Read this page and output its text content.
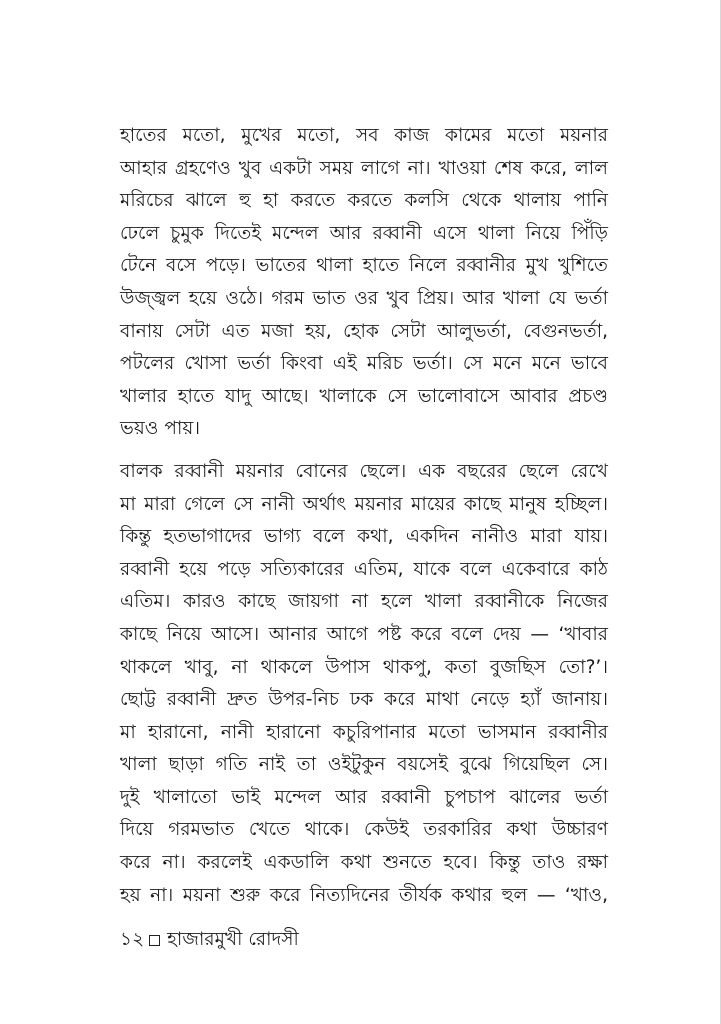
হাতের মতো, মুখের মতো, সব কাজ কামের মতো ময়নার
আহার গ্রহণেও খুব একটা সময় লাগে না। খাওয়া শেষ করে, লাল
মরিচের ঝালে হু হা করতে করতে কলসি থেকে থালায় পানি
ঢেলে চুমুক দিতেই মন্দেল আর রব্বানী এসে থালা নিয়ে পিঁড়ি
টেনে বসে পড়ে। ভাতের থালা হাতে নিলে রব্বানীর মুখ খুশিতে
উজ্জ্বল হয়ে ওঠে। গরম ভাত ওর খুব প্রিয়। আর খালা যে ভর্তা
বানায় সেটা এত মজা হয়, হোক সেটা আলুভর্তা, বেগুনভর্তা,
পটলের খোসা ভর্তা কিংবা এই মরিচ ভর্তা। সে মনে মনে ভাবে
খালার হাতে যাদু আছে। খালাকে সে ভালোবাসে আবার প্রচণ্ড
ভয়ও পায়।
বালক রব্বানী ময়নার বোনের ছেলে। এক বছরের ছেলে রেখে
মা মারা গেলে সে নানী অর্থাৎ ময়নার মায়ের কাছে মানুষ হচ্ছিল।
কিন্তু হতভাগাদের ভাগ্য বলে কথা, একদিন নানীও মারা যায়।
রব্বানী হয়ে পড়ে সত্যিকারের এতিম, যাকে বলে একেবারে কাঠ
এতিম। কারও কাছে জায়গা না হলে খালা রব্বানীকে নিজের
কাছে নিয়ে আসে। আনার আগে পষ্ট করে বলে দেয় — ‘খাবার
থাকলে খাবু, না থাকলে উপাস থাকপু, কতা বুজছিস তো?’।
ছোট্ট রব্বানী দ্রুত উপর-নিচ ঢক করে মাথা নেড়ে হ্যাঁ জানায়।
মা হারানো, নানী হারানো কচুরিপানার মতো ভাসমান রব্বানীর
খালা ছাড়া গতি নাই তা ওইটুকুন বয়সেই বুঝে গিয়েছিল সে।
দুই খালাতো ভাই মন্দেল আর রব্বানী চুপচাপ ঝালের ভর্তা
দিয়ে গরমভাত খেতে থাকে। কেউই তরকারির কথা উচ্চারণ
করে না। করলেই একডালি কথা শুনতে হবে। কিন্তু তাও রক্ষা
হয় না। ময়না শুরু করে নিত্যদিনের তীর্যক কথার হুল — ‘খাও,
১২ হাজারমুখী রোদসী
